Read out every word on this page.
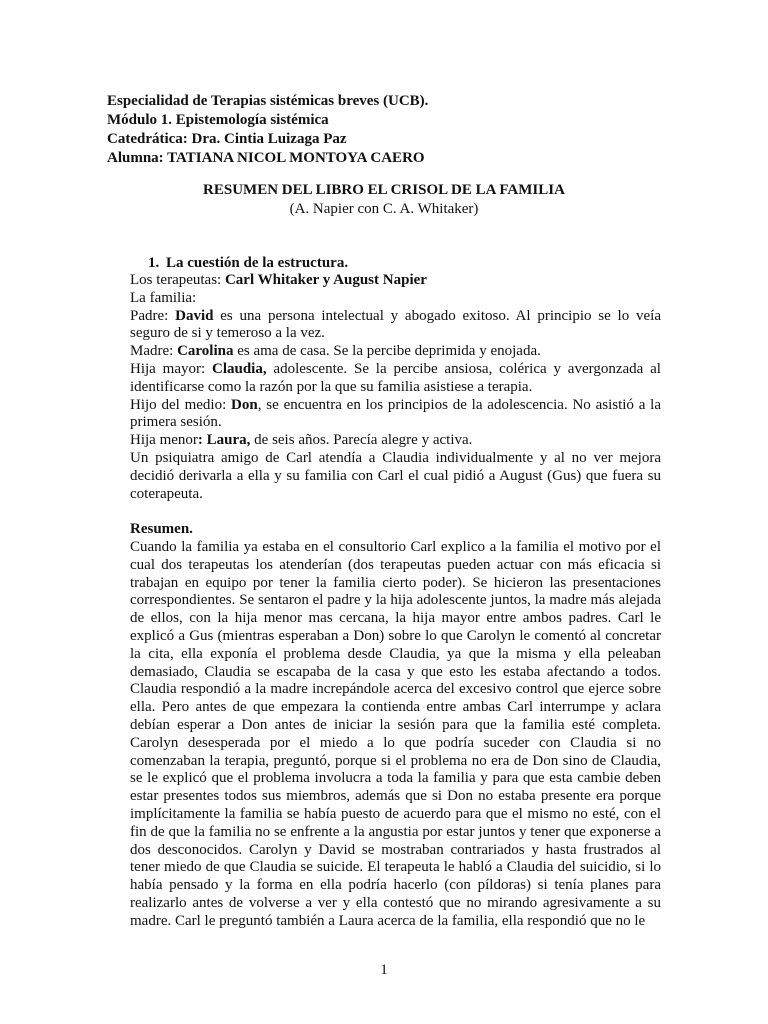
Especialidad de Terapias sistémicas breves (UCB).
Módulo 1. Epistemología sistémica
Catedrática: Dra. Cintia Luizaga Paz
Alumna: TATIANA NICOL MONTOYA CAERO
RESUMEN DEL LIBRO EL CRISOL DE LA FAMILIA
(A. Napier con C. A. Whitaker)
1. La cuestión de la estructura.

Los terapeutas: Carl Whitaker y August Napier

La familia:

Padre: David es una persona intelectual y abogado exitoso. Al principio se lo veía seguro de si y temeroso a la vez.

Madre: Carolina es ama de casa. Se la percibe deprimida y enojada.

Hija mayor: Claudia, adolescente. Se la percibe ansiosa, colérica y avergonzada al identificarse como la razón por la que su familia asistiese a terapia.

Hijo del medio: Don, se encuentra en los principios de la adolescencia. No asistió a la primera sesión.

Hija menor: Laura, de seis años. Parecía alegre y activa.

Un psiquiatra amigo de Carl atendía a Claudia individualmente y al no ver mejora decidió derivarla a ella y su familia con Carl el cual pidió a August (Gus) que fuera su coterapeuta.

Resumen.

Cuando la familia ya estaba en el consultorio Carl explico a la familia el motivo por el cual dos terapeutas los atenderían (dos terapeutas pueden actuar con más eficacia si trabajan en equipo por tener la familia cierto poder). Se hicieron las presentaciones correspondientes. Se sentaron el padre y la hija adolescente juntos, la madre más alejada de ellos, con la hija menor mas cercana, la hija mayor entre ambos padres. Carl le explicó a Gus (mientras esperaban a Don) sobre lo que Carolyn le comentó al concretar la cita, ella exponía el problema desde Claudia, ya que la misma y ella peleaban demasiado, Claudia se escapaba de la casa y que esto les estaba afectando a todos. Claudia respondió a la madre increpándole acerca del excesivo control que ejerce sobre ella. Pero antes de que empezara la contienda entre ambas Carl interrumpe y aclara debían esperar a Don antes de iniciar la sesión para que la familia esté completa. Carolyn desesperada por el miedo a lo que podría suceder con Claudia si no comenzaban la terapia, preguntó, porque si el problema no era de Don sino de Claudia, se le explicó que el problema involucra a toda la familia y para que esta cambie deben estar presentes todos sus miembros, además que si Don no estaba presente era porque implícitamente la familia se había puesto de acuerdo para que el mismo no esté, con el fin de que la familia no se enfrente a la angustia por estar juntos y tener que exponerse a dos desconocidos. Carolyn y David se mostraban contrariados y hasta frustrados al tener miedo de que Claudia se suicide. El terapeuta le habló a Claudia del suicidio, si lo había pensado y la forma en ella podría hacerlo (con píldoras) si tenía planes para realizarlo antes de volverse a ver y ella contestó que no mirando agresivamente a su madre. Carl le preguntó también a Laura acerca de la familia, ella respondió que no le

1
